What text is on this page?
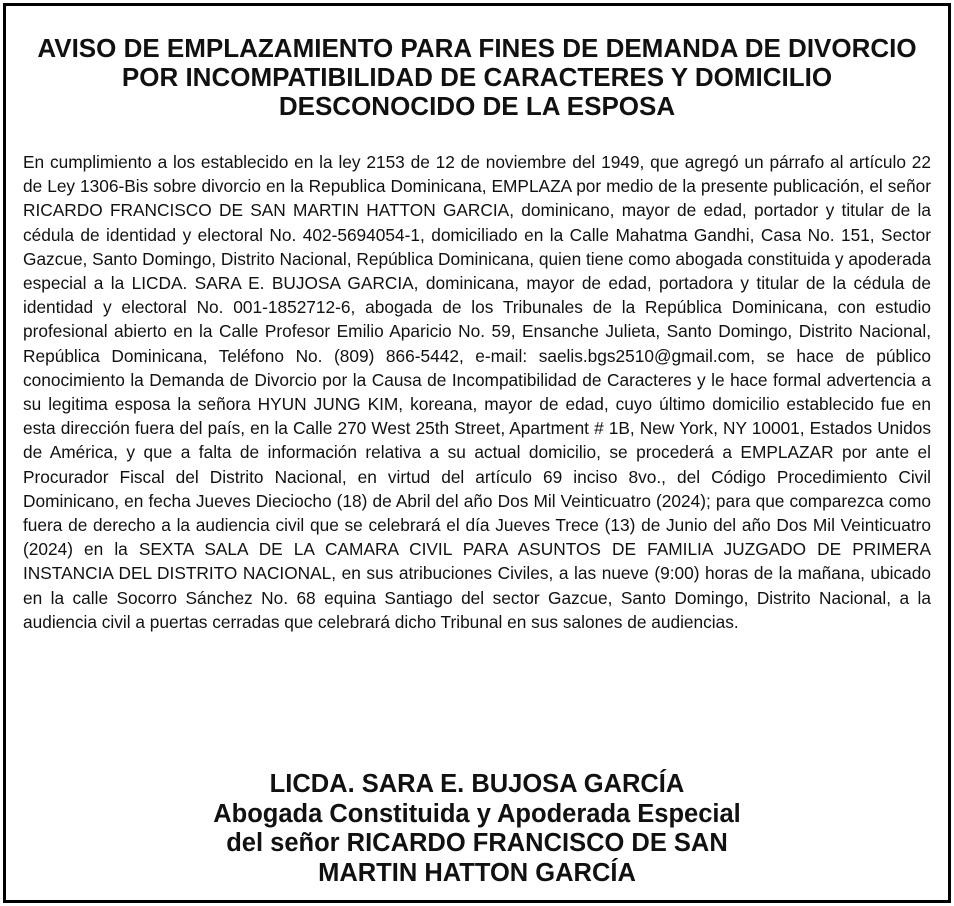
AVISO DE EMPLAZAMIENTO PARA FINES DE DEMANDA DE DIVORCIO POR INCOMPATIBILIDAD DE CARACTERES Y DOMICILIO DESCONOCIDO DE LA ESPOSA

En cumplimiento a los establecido en la ley 2153 de 12 de noviembre del 1949, que agregó un párrafo al artículo 22 de Ley 1306-Bis sobre divorcio en la Republica Dominicana, EMPLAZA por medio de la presente publicación, el señor RICARDO FRANCISCO DE SAN MARTIN HATTON GARCIA, dominicano, mayor de edad, portador y titular de la cédula de identidad y electoral No. 402-5694054-1, domiciliado en la Calle Mahatma Gandhi, Casa No. 151, Sector Gazcue, Santo Domingo, Distrito Nacional, República Dominicana, quien tiene como abogada constituida y apoderada especial a la LICDA. SARA E. BUJOSA GARCIA, dominicana, mayor de edad, portadora y titular de la cédula de identidad y electoral No. 001-1852712-6, abogada de los Tribunales de la República Dominicana, con estudio profesional abierto en la Calle Profesor Emilio Aparicio No. 59, Ensanche Julieta, Santo Domingo, Distrito Nacional, República Dominicana, Teléfono No. (809) 866-5442, e-mail: saelis.bgs2510@gmail.com, se hace de público conocimiento la Demanda de Divorcio por la Causa de Incompatibilidad de Caracteres y le hace formal advertencia a su legitima esposa la señora HYUN JUNG KIM, koreana, mayor de edad, cuyo último domicilio establecido fue en esta dirección fuera del país, en la Calle 270 West 25th Street, Apartment # 1B, New York, NY 10001, Estados Unidos de América, y que a falta de información relativa a su actual domicilio, se procederá a EMPLAZAR por ante el Procurador Fiscal del Distrito Nacional, en virtud del artículo 69 inciso 8vo., del Código Procedimiento Civil Dominicano, en fecha Jueves Dieciocho (18) de Abril del año Dos Mil Veinticuatro (2024); para que comparezca como fuera de derecho a la audiencia civil que se celebrará el día Jueves Trece (13) de Junio del año Dos Mil Veinticuatro (2024) en la SEXTA SALA DE LA CAMARA CIVIL PARA ASUNTOS DE FAMILIA JUZGADO DE PRIMERA INSTANCIA DEL DISTRITO NACIONAL, en sus atribuciones Civiles, a las nueve (9:00) horas de la mañana, ubicado en la calle Socorro Sánchez No. 68 equina Santiago del sector Gazcue, Santo Domingo, Distrito Nacional, a la audiencia civil a puertas cerradas que celebrará dicho Tribunal en sus salones de audiencias.

LICDA. SARA E. BUJOSA GARCÍA
Abogada Constituida y Apoderada Especial
del señor RICARDO FRANCISCO DE SAN
MARTIN HATTON GARCÍA
